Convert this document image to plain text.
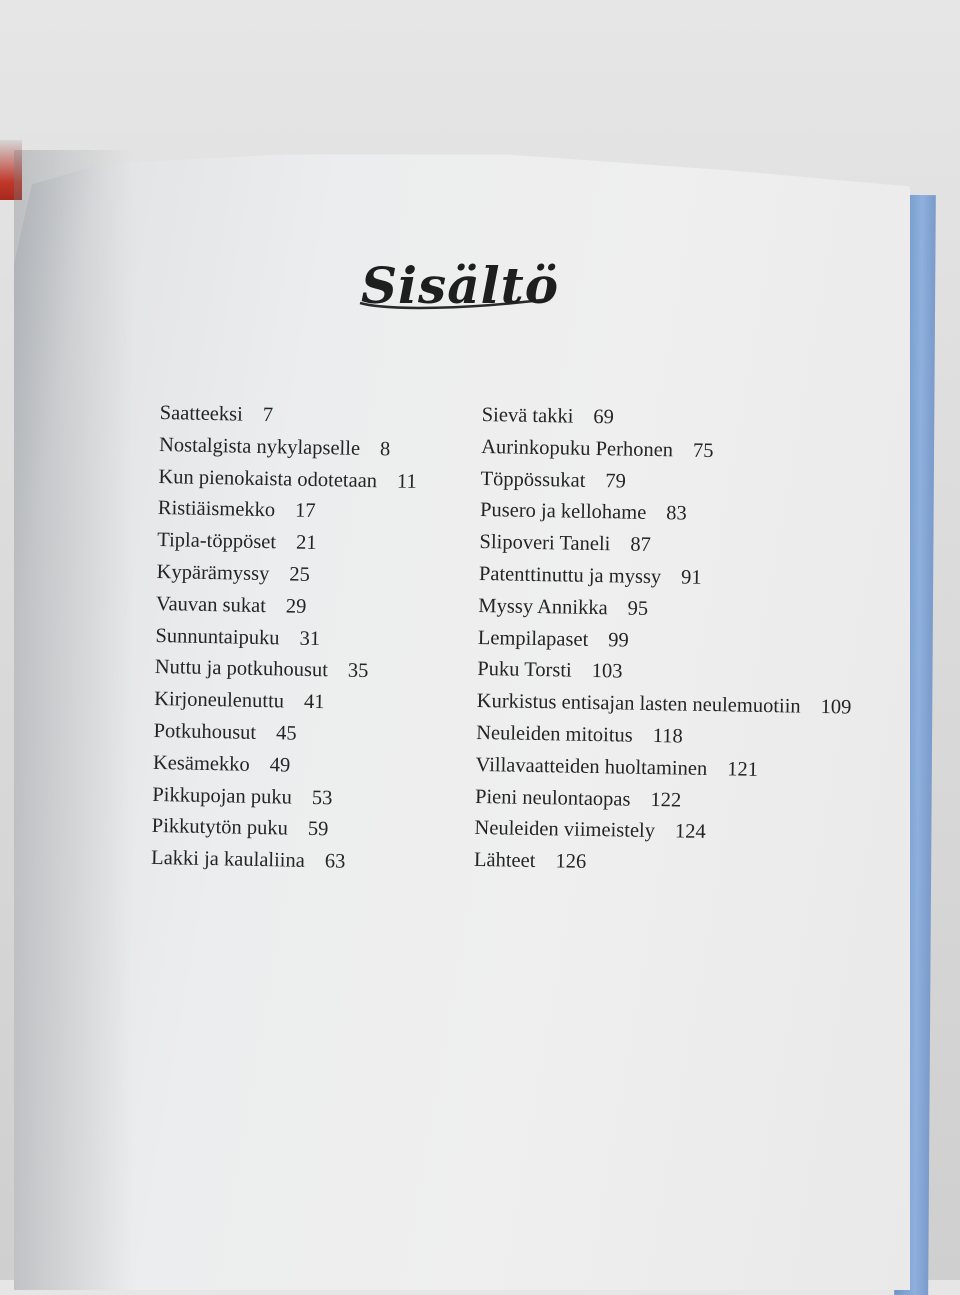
Sisältö
Saatteeksi 7
Nostalgista nykylapselle 8
Kun pienokaista odotetaan 11
Ristiäismekko 17
Tipla-töppöset 21
Kypärämyssy 25
Vauvan sukat 29
Sunnuntaipuku 31
Nuttu ja potkuhousut 35
Kirjoneulenuttu 41
Potkuhousut 45
Kesämekko 49
Pikkupojan puku 53
Pikkutytön puku 59
Lakki ja kaulaliina 63
Sievä takki 69
Aurinkopuku Perhonen 75
Töppössukat 79
Pusero ja kellohame 83
Slipoveri Taneli 87
Patenttinuttu ja myssy 91
Myssy Annikka 95
Lempilapaset 99
Puku Torsti 103
Kurkistus entisajan lasten neulemuotiin 109
Neuleiden mitoitus 118
Villavaatteiden huoltaminen 121
Pieni neulontaopas 122
Neuleiden viimeistely 124
Lähteet 126
